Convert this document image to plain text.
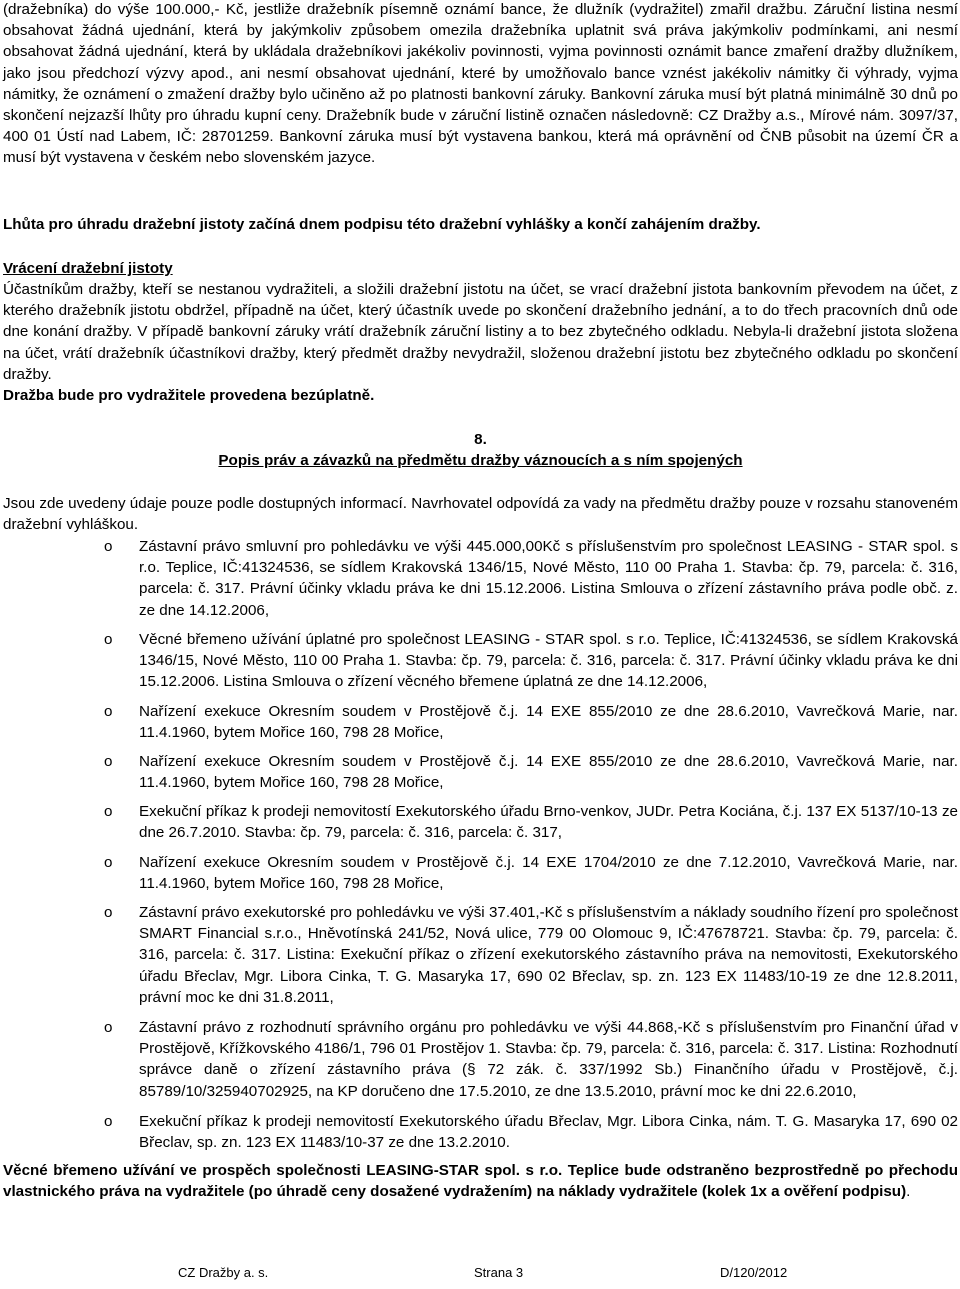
(dražebníka) do výše 100.000,- Kč, jestliže dražebník písemně oznámí bance, že dlužník (vydražitel) zmařil dražbu. Záruční listina nesmí obsahovat žádná ujednání, která by jakýmkoliv způsobem omezila dražebníka uplatnit svá práva jakýmkoliv podmínkami, ani nesmí obsahovat žádná ujednání, která by ukládala dražebníkovi jakékoliv povinnosti, vyjma povinnosti oznámit bance zmaření dražby dlužníkem, jako jsou předchozí výzvy apod., ani nesmí obsahovat ujednání, které by umožňovalo bance vznést jakékoliv námitky či výhrady, vyjma námitky, že oznámení o zmažení dražby bylo učiněno až po platnosti bankovní záruky. Bankovní záruka musí být platná minimálně 30 dnů po skončení nejzazší lhůty pro úhradu kupní ceny. Dražebník bude v záruční listině označen následovně: CZ Dražby a.s., Mírové nám. 3097/37, 400 01 Ústí nad Labem, IČ: 28701259. Bankovní záruka musí být vystavena bankou, která má oprávnění od ČNB působit na území ČR a musí být vystavena v českém nebo slovenském jazyce.

Lhůta pro úhradu dražební jistoty začíná dnem podpisu této dražební vyhlášky a končí zahájením dražby.

Vrácení dražební jistoty

Účastníkům dražby, kteří se nestanou vydražiteli, a složili dražební jistotu na účet, se vrací dražební jistota bankovním převodem na účet, z kterého dražebník jistotu obdržel, případně na účet, který účastník uvede po skončení dražebního jednání, a to do třech pracovních dnů ode dne konání dražby. V případě bankovní záruky vrátí dražebník záruční listiny a to bez zbytečného odkladu. Nebyla-li dražební jistota složena na účet, vrátí dražebník účastníkovi dražby, který předmět dražby nevydražil, složenou dražební jistotu bez zbytečného odkladu po skončení dražby.

Dražba bude pro vydražitele provedena bezúplatně.

8.

Popis práv a závazků na předmětu dražby váznoucích a s ním spojených

Jsou zde uvedeny údaje pouze podle dostupných informací. Navrhovatel odpovídá za vady na předmětu dražby pouze v rozsahu stanoveném dražební vyhláškou.

o Zástavní právo smluvní pro pohledávku ve výši 445.000,00Kč s příslušenstvím pro společnost LEASING - STAR spol. s r.o. Teplice, IČ:41324536, se sídlem Krakovská 1346/15, Nové Město, 110 00 Praha 1. Stavba: čp. 79, parcela: č. 316, parcela: č. 317. Právní účinky vkladu práva ke dni 15.12.2006. Listina Smlouva o zřízení zástavního práva podle obč. z. ze dne 14.12.2006,

o Věcné břemeno užívání úplatné pro společnost LEASING - STAR spol. s r.o. Teplice, IČ:41324536, se sídlem Krakovská 1346/15, Nové Město, 110 00 Praha 1. Stavba: čp. 79, parcela: č. 316, parcela: č. 317. Právní účinky vkladu práva ke dni 15.12.2006. Listina Smlouva o zřízení věcného břemene úplatná ze dne 14.12.2006,

o Nařízení exekuce Okresním soudem v Prostějově č.j. 14 EXE 855/2010 ze dne 28.6.2010, Vavrečková Marie, nar. 11.4.1960, bytem Mořice 160, 798 28 Mořice,

o Nařízení exekuce Okresním soudem v Prostějově č.j. 14 EXE 855/2010 ze dne 28.6.2010, Vavrečková Marie, nar. 11.4.1960, bytem Mořice 160, 798 28 Mořice,

o Exekuční příkaz k prodeji nemovitostí Exekutorského úřadu Brno-venkov, JUDr. Petra Kociána, č.j. 137 EX 5137/10-13 ze dne 26.7.2010. Stavba: čp. 79, parcela: č. 316, parcela: č. 317,

o Nařízení exekuce Okresním soudem v Prostějově č.j. 14 EXE 1704/2010 ze dne 7.12.2010, Vavrečková Marie, nar. 11.4.1960, bytem Mořice 160, 798 28 Mořice,

o Zástavní právo exekutorské pro pohledávku ve výši 37.401,-Kč s příslušenstvím a náklady soudního řízení pro společnost SMART Financial s.r.o., Hněvotínská 241/52, Nová ulice, 779 00 Olomouc 9, IČ:47678721. Stavba: čp. 79, parcela: č. 316, parcela: č. 317. Listina: Exekuční příkaz o zřízení exekutorského zástavního práva na nemovitosti, Exekutorského úřadu Břeclav, Mgr. Libora Cinka, T. G. Masaryka 17, 690 02 Břeclav, sp. zn. 123 EX 11483/10-19 ze dne 12.8.2011, právní moc ke dni 31.8.2011,

o Zástavní právo z rozhodnutí správního orgánu pro pohledávku ve výši 44.868,-Kč s příslušenstvím pro Finanční úřad v Prostějově, Křížkovského 4186/1, 796 01 Prostějov 1. Stavba: čp. 79, parcela: č. 316, parcela: č. 317. Listina: Rozhodnutí správce daně o zřízení zástavního práva (§ 72 zák. č. 337/1992 Sb.) Finančního úřadu v Prostějově, č.j. 85789/10/325940702925, na KP doručeno dne 17.5.2010, ze dne 13.5.2010, právní moc ke dni 22.6.2010,

o Exekuční příkaz k prodeji nemovitostí Exekutorského úřadu Břeclav, Mgr. Libora Cinka, nám. T. G. Masaryka 17, 690 02 Břeclav, sp. zn. 123 EX 11483/10-37 ze dne 13.2.2010.

Věcné břemeno užívání ve prospěch společnosti LEASING-STAR spol. s r.o. Teplice bude odstraněno bezprostředně po přechodu vlastnického práva na vydražitele (po úhradě ceny dosažené vydražením) na náklady vydražitele (kolek 1x a ověření podpisu).

CZ Dražby a. s.	Strana 3	D/120/2012
